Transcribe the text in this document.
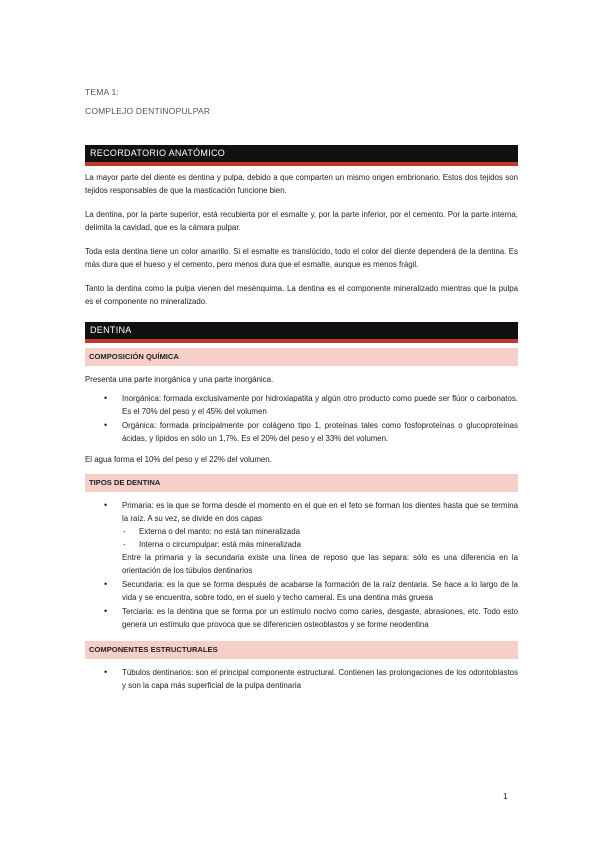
TEMA 1:
COMPLEJO DENTINOPULPAR
RECORDATORIO ANATÓMICO

La mayor parte del diente es dentina y pulpa, debido a que comparten un mismo origen embrionario. Estos dos tejidos son tejidos responsables de que la masticación funcione bien.

La dentina, por la parte superior, está recubierta por el esmalte y, por la parte inferior, por el cemento. Por la parte interna, delimita la cavidad, que es la cámara pulpar.

Toda esta dentina tiene un color amarillo. Si el esmalte es translúcido, todo el color del diente dependerá de la dentina. Es más dura que el hueso y el cemento, pero menos dura que el esmalte, aunque es menos frágil.

Tanto la dentina como la pulpa vienen del mesénquima. La dentina es el componente mineralizado mientras que la pulpa es el componente no mineralizado.

DENTINA
COMPOSICIÓN QUÍMICA

Presenta una parte inorgánica y una parte inorgánica.

• Inorgánica: formada exclusivamente por hidroxiapatita y algún otro producto como puede ser flúor o carbonatos. Es el 70% del peso y el 45% del volumen
• Orgánica: formada principalmente por colágeno tipo 1, proteínas tales como fosfoproteínas o glucoproteínas ácidas, y lípidos en sólo un 1,7%. Es el 20% del peso y el 33% del volumen.

El agua forma el 10% del peso y el 22% del volumen.

TIPOS DE DENTINA
• Primaria: es la que se forma desde el momento en el que en el feto se forman los dientes hasta que se termina la raíz. A su vez, se divide en dos capas
- Externa o del manto: no está tan mineralizada
- Interna o circumpulpar: está más mineralizada
Entre la primaria y la secundaria existe una línea de reposo que las separa: sólo es una diferencia en la orientación de los túbulos dentinarios
• Secundaria: es la que se forma después de acabarse la formación de la raíz dentaria. Se hace a lo largo de la vida y se encuentra, sobre todo, en el suelo y techo cameral. Es una dentina más gruesa
• Terciaria: es la dentina que se forma por un estímulo nocivo como caries, desgaste, abrasiones, etc. Todo esto genera un estímulo que provoca que se diferencien osteoblastos y se forme neodentina
COMPONENTES ESTRUCTURALES
• Túbulos dentinarios: son el principal componente estructural. Contienen las prolongaciones de los odontoblastos y son la capa más superficial de la pulpa dentinaria
1
